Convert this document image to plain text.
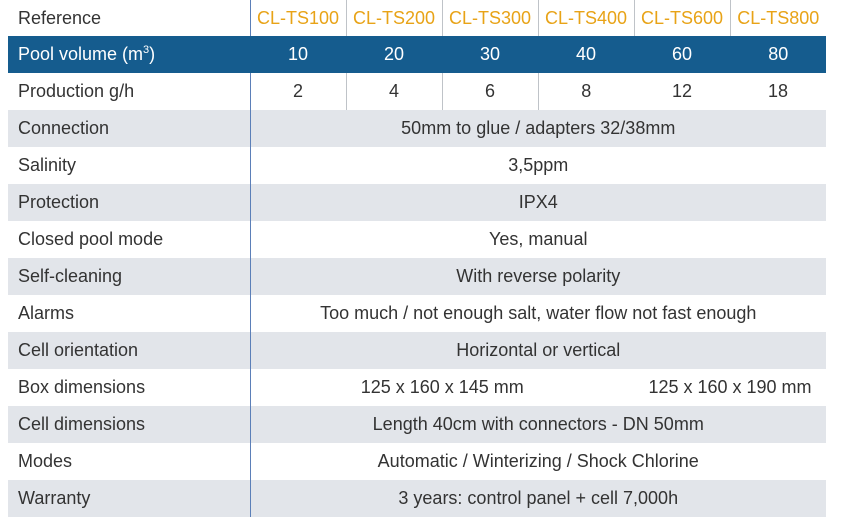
Reference	CL-TS100	CL-TS200	CL-TS300	CL-TS400	CL-TS600	CL-TS800
Pool volume $(m^3)$	10	20	30	40	60	80
Production g/h	2	4	6	8	12	18
Connection	50mm to glue / adapters 32/38mm					
Salinity	3,5ppm					
Protection	IPX4					
Closed pool mode	Yes, manual					
Self-cleaning	With reverse polarity					
Alarms	Too much / not enough salt, water flow not fast enough					
Cell orientation	Horizontal or vertical					
Box dimensions	125 x 160 x 145 mm				125 x 160 x 190 mm	
Cell dimensions	Length 40cm with connectors - DN 50mm					
Modes	Automatic / Winterizing / Shock Chlorine					
Warranty	3 years: control panel + cell 7,000h					
